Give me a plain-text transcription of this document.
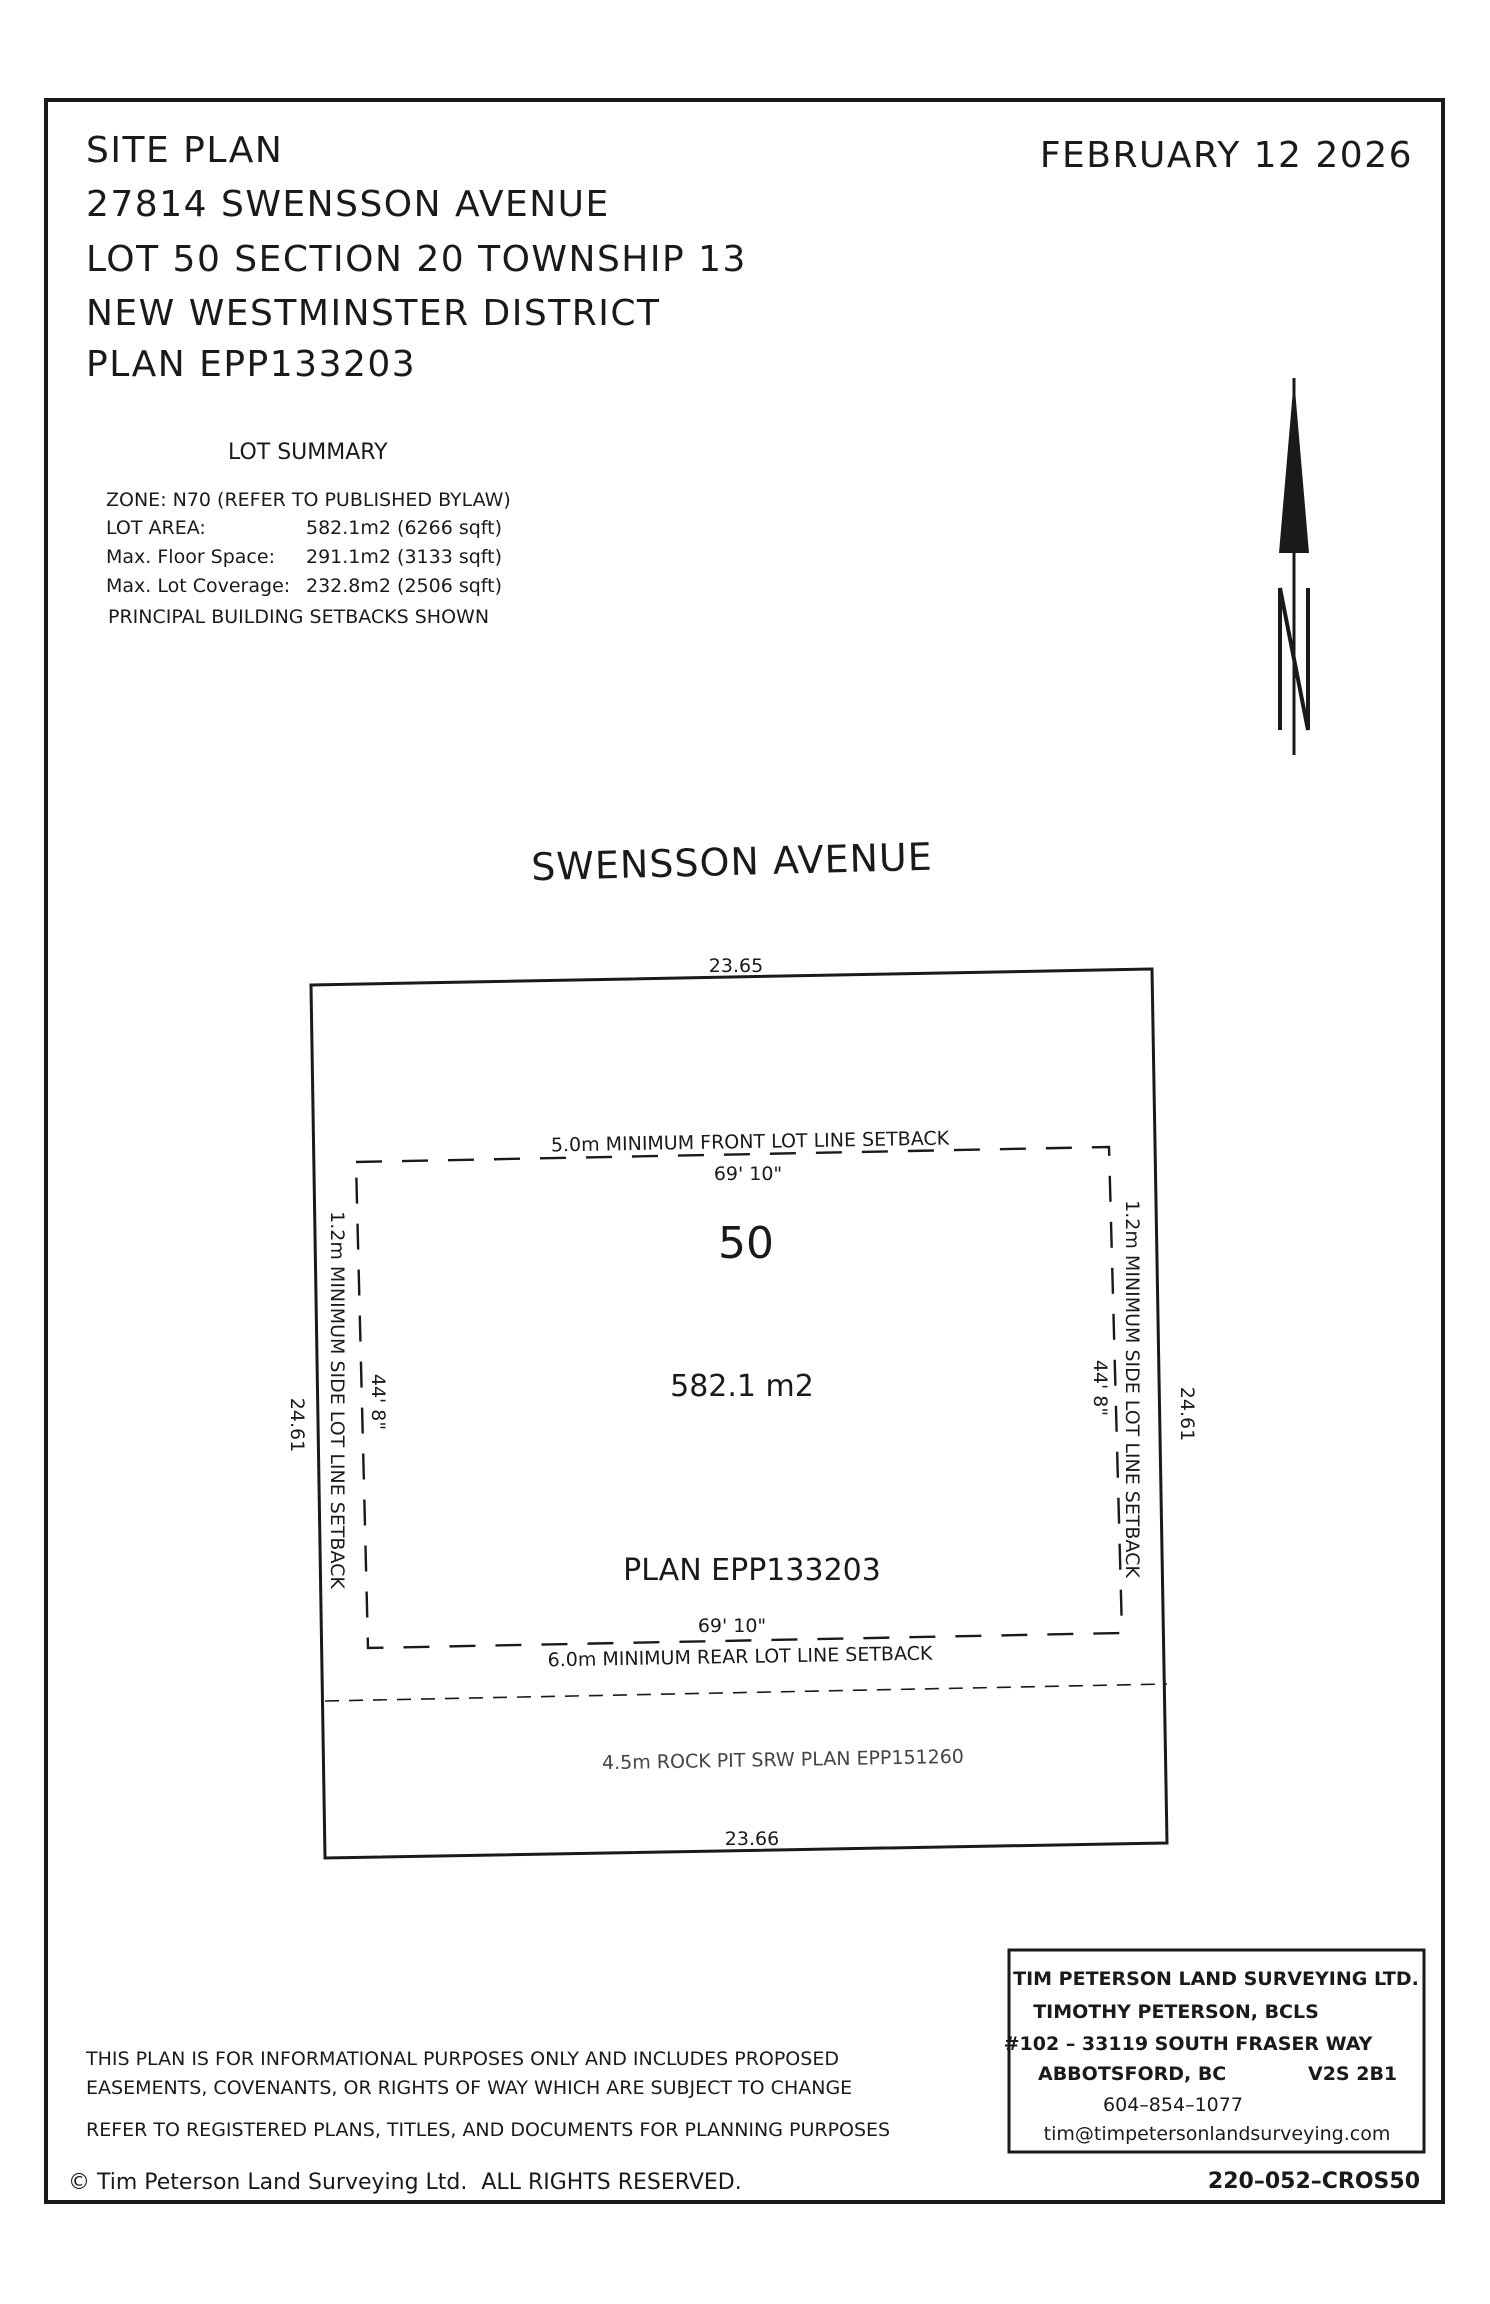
SITE PLAN
27814 SWENSSON AVENUE
LOT 50 SECTION 20 TOWNSHIP 13
NEW WESTMINSTER DISTRICT
PLAN EPP133203
FEBRUARY 12 2026
LOT SUMMARY
ZONE: N70 (REFER TO PUBLISHED BYLAW)
LOT AREA:	582.1m2 (6266 sqft)
Max. Floor Space: 291.1m2 (3133 sqft)
Max. Lot Coverage: 232.8m2 (2506 sqft)
PRINCIPAL BUILDING SETBACKS SHOWN
SWENSSON AVENUE
23.65
23.66
24.61	24.61
5.0m MINIMUM FRONT LOT LINE SETBACK
6.0m MINIMUM REAR LOT LINE SETBACK
1.2m MINIMUM SIDE LOT LINE SETBACK	1.2m MINIMUM SIDE LOT LINE SETBACK
69' 10"
69' 10"
44' 8"	44' 8"
50
582.1 m2
PLAN EPP133203
4.5m ROCK PIT SRW PLAN EPP151260
THIS PLAN IS FOR INFORMATIONAL PURPOSES ONLY AND INCLUDES PROPOSED
EASEMENTS, COVENANTS, OR RIGHTS OF WAY WHICH ARE SUBJECT TO CHANGE
REFER TO REGISTERED PLANS, TITLES, AND DOCUMENTS FOR PLANNING PURPOSES
© Tim Peterson Land Surveying Ltd.  ALL RIGHTS RESERVED.
TIM PETERSON LAND SURVEYING LTD.
TIMOTHY PETERSON, BCLS
#102 – 33119 SOUTH FRASER WAY
ABBOTSFORD, BC	V2S 2B1
604–854–1077
tim@timpetersonlandsurveying.com
220–052–CROS50
